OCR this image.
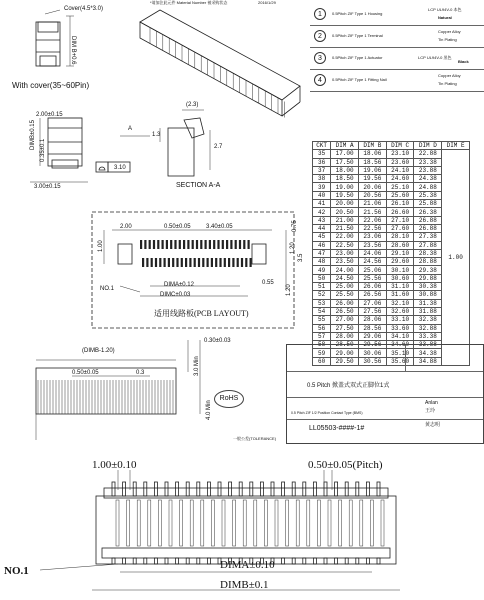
*请加注此元件 Material Number 被采购状态	2016/1/29
Cover(4.5*3.0)
DIM B+0.6
With cover(35~60Pin)
2.00±0.15
DIMB±0.15
0.35±0.1
3.00±0.15
3.10
(2.3)
1.3
2.7
A
SECTION A-A
2.00	0.50±0.05	3.40±0.05	0.75
1.20
1.00
3.5
0.55
1.20
NO.1
DIMA±0.12
DIMC±0.03
适用线路板(PCB LAYOUT)
(DIMB-1.20)
0.50±0.05	0.3
0.30±0.03
3.0 Min
4.0 Min
RoHS
1	0.5Pitch ZIF Type 1 Housing
LCP UL94V-0 本色
Natural
2	0.5Pitch ZIF Type 1 Terminal
Copper Alloy
Tin Plating
3	0.5Pitch ZIF Type 1 Actuator	LCP UL94V-0 黑色
Black
4	0.5Pitch ZIF Type 1 Fitting Nail
Copper Alloy
Tin Plating
CKT	DIM A	DIM B	DIM C	DIM D	DIM E
35	17.00	18.06	23.10	22.88	1.00
36	17.50	18.56	23.60	23.38	
37	18.00	19.06	24.10	23.88	
38	18.50	19.56	24.60	24.38	
39	19.00	20.06	25.10	24.88	
40	19.50	20.56	25.60	25.38	
41	20.00	21.06	26.10	25.88	
42	20.50	21.56	26.60	26.38	
43	21.00	22.06	27.10	26.88	
44	21.50	22.56	27.60	26.88	
45	22.00	23.06	28.10	27.38	
46	22.50	23.56	28.60	27.88	
47	23.00	24.06	29.10	28.38	
48	23.50	24.56	29.60	28.88	
49	24.00	25.06	30.10	29.38	
50	24.50	25.56	30.60	29.88	
51	25.00	26.06	31.10	30.38	
52	25.50	26.56	31.60	30.88	
53	26.00	27.06	32.10	31.38	
54	26.50	27.56	32.60	31.88	
55	27.00	28.06	33.10	32.38	
56	27.50	28.56	33.60	32.88	
57	28.00	29.06	34.10	33.38	
58	28.50	29.56	34.60	33.88	
59	29.00	30.06	35.10	34.38	
60	29.50	30.56	35.60	34.88	
0.5 Pitch 掀盖式双式正脚位1式
0.5 Pitch ZIF 1/2 Position Contact Type (BMS)
Anlan
王玲
黄志明
LL05503-####-1#
一般公差(TOLERANCE)
1.00±0.10	0.50±0.05(Pitch)
NO.1	DIMA±0.10
DIMB±0.1
